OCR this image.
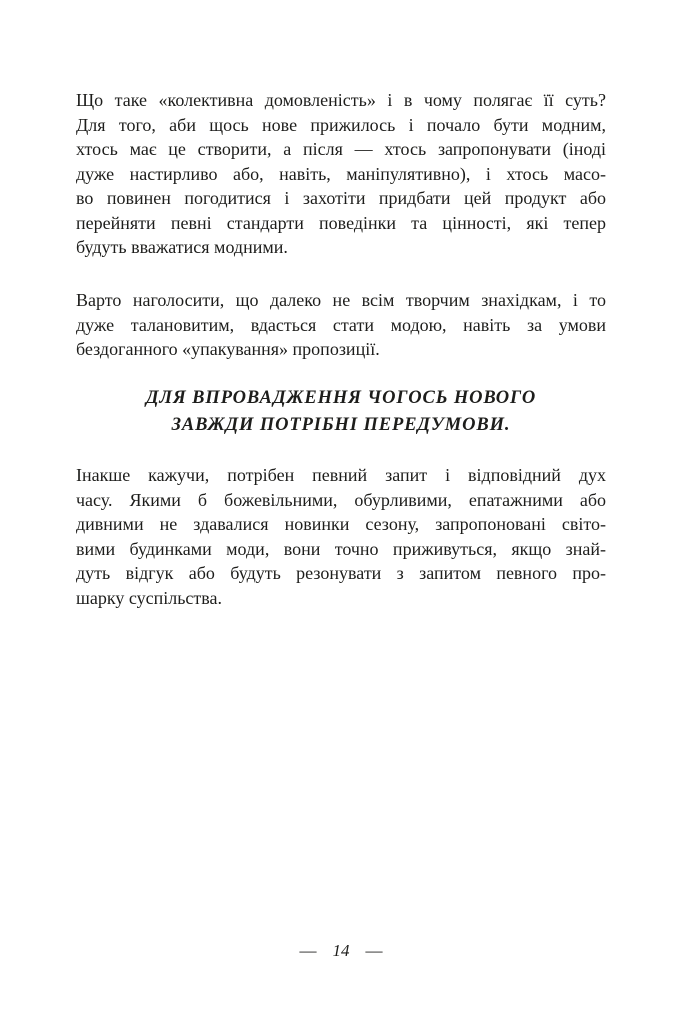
Що таке «колективна домовленість» і в чому полягає її суть?
Для того, аби щось нове прижилось і почало бути модним,
хтось має це створити, а після — хтось запропонувати (іноді
дуже настирливо або, навіть, маніпулятивно), і хтось масо-
во повинен погодитися і захотіти придбати цей продукт або
перейняти певні стандарти поведінки та цінності, які тепер
будуть вважатися модними.
Варто наголосити, що далеко не всім творчим знахідкам, і то
дуже талановитим, вдасться стати модою, навіть за умови
бездоганного «упакування» пропозиції.
ДЛЯ ВПРОВАДЖЕННЯ ЧОГОСЬ НОВОГО
ЗАВЖДИ ПОТРІБНІ ПЕРЕДУМОВИ.
Інакше кажучи, потрібен певний запит і відповідний дух
часу. Якими б божевільними, обурливими, епатажними або
дивними не здавалися новинки сезону, запропоновані світо-
вими будинками моди, вони точно приживуться, якщо знай-
дуть відгук або будуть резонувати з запитом певного про-
шарку суспільства.
— 14 —
